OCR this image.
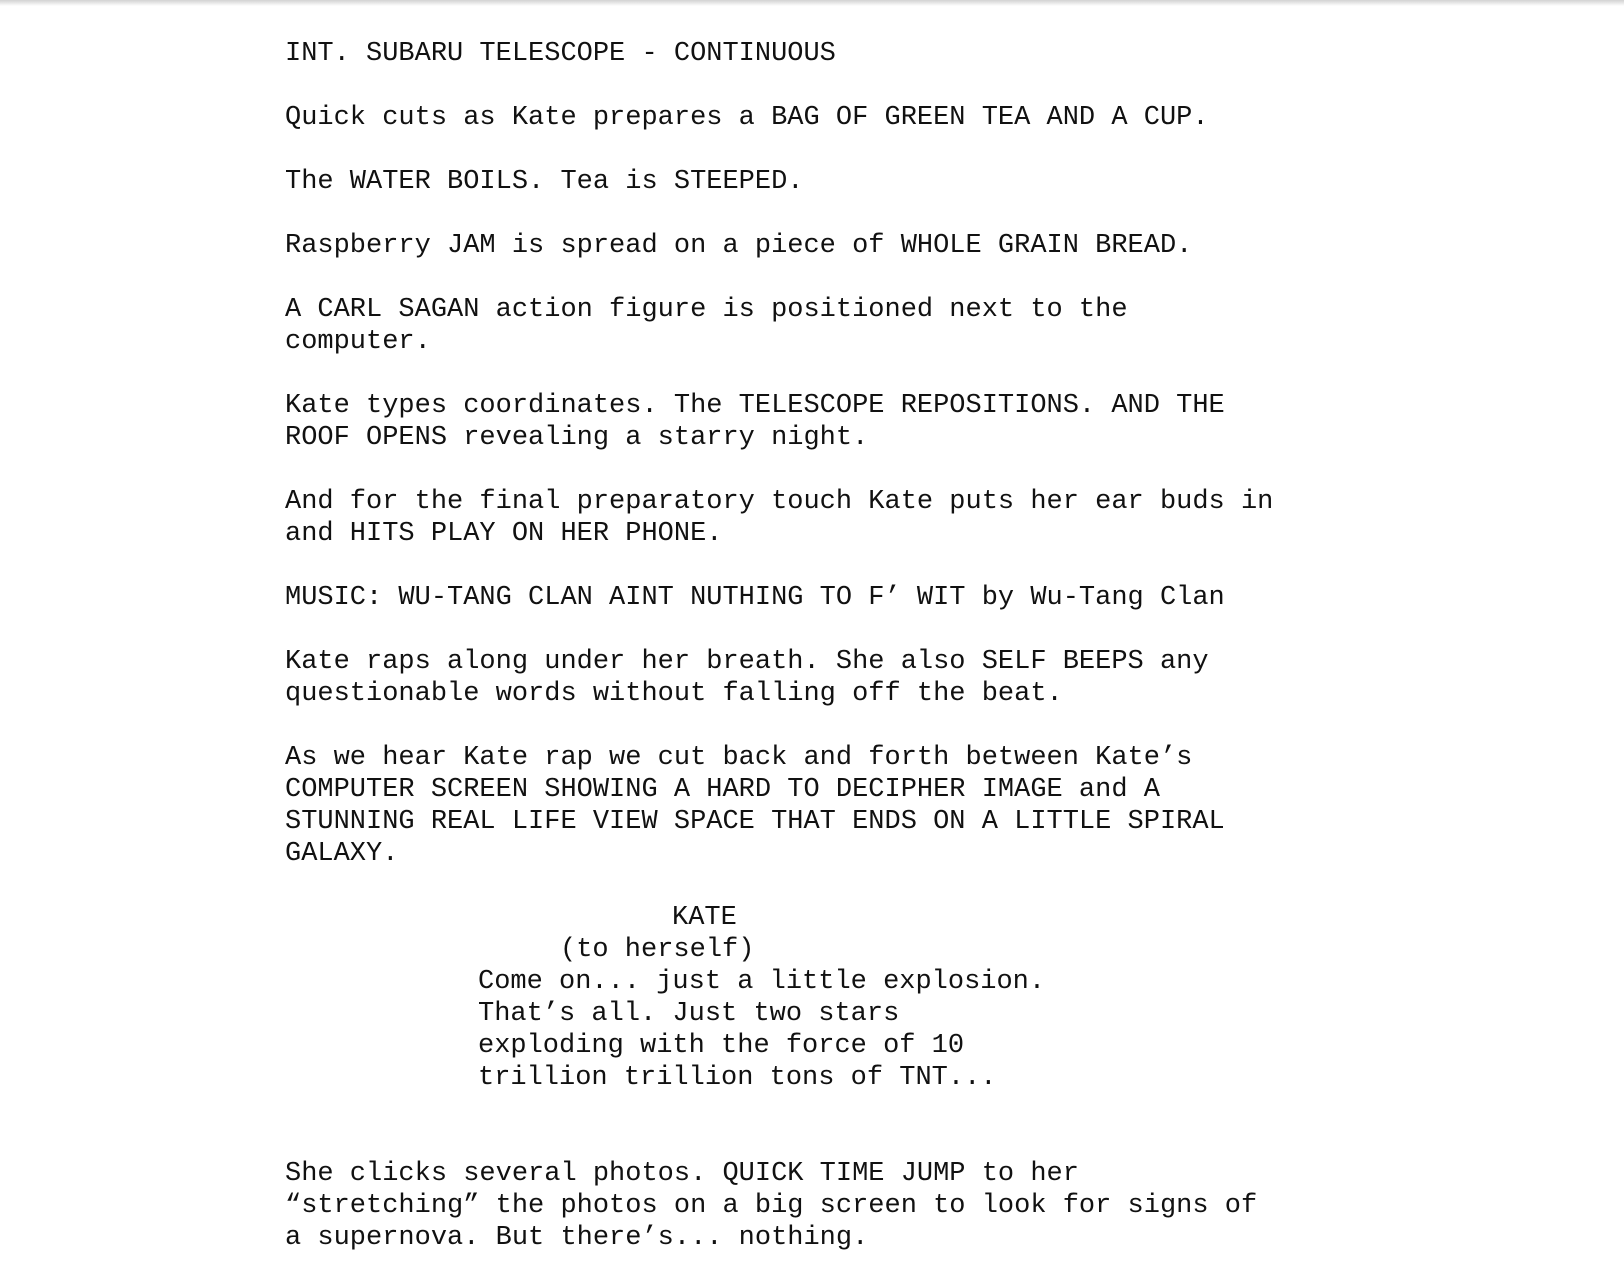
INT. SUBARU TELESCOPE - CONTINUOUS
Quick cuts as Kate prepares a BAG OF GREEN TEA AND A CUP.
The WATER BOILS. Tea is STEEPED.
Raspberry JAM is spread on a piece of WHOLE GRAIN BREAD.
A CARL SAGAN action figure is positioned next to the
computer.
Kate types coordinates. The TELESCOPE REPOSITIONS. AND THE
ROOF OPENS revealing a starry night.
And for the final preparatory touch Kate puts her ear buds in
and HITS PLAY ON HER PHONE.
MUSIC: WU-TANG CLAN AINT NUTHING TO F’ WIT by Wu-Tang Clan
Kate raps along under her breath. She also SELF BEEPS any
questionable words without falling off the beat.
As we hear Kate rap we cut back and forth between Kate’s
COMPUTER SCREEN SHOWING A HARD TO DECIPHER IMAGE and A
STUNNING REAL LIFE VIEW SPACE THAT ENDS ON A LITTLE SPIRAL
GALAXY.
KATE
(to herself)
Come on... just a little explosion.
That’s all. Just two stars
exploding with the force of 10
trillion trillion tons of TNT...
She clicks several photos. QUICK TIME JUMP to her
“stretching” the photos on a big screen to look for signs of
a supernova. But there’s... nothing.
